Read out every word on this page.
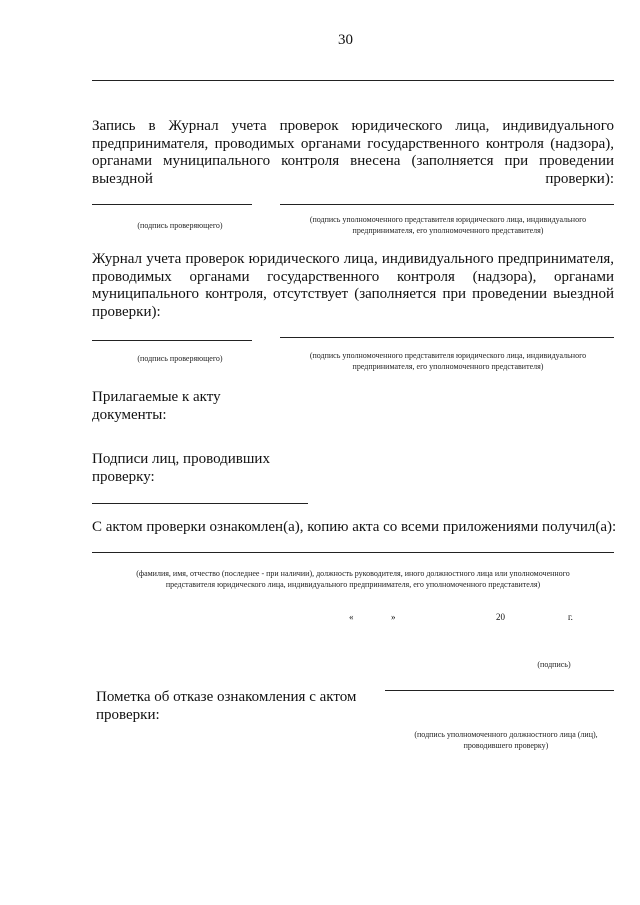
30
Запись в Журнал учета проверок юридического лица, индивидуального предпринимателя, проводимых органами государственного контроля (надзора), органами муниципального контроля внесена (заполняется при проведении выездной проверки):
(подпись проверяющего)
(подпись уполномоченного представителя юридического лица, индивидуального предпринимателя, его уполномоченного представителя)
Журнал учета проверок юридического лица, индивидуального предпринимателя, проводимых органами государственного контроля (надзора), органами муниципального контроля, отсутствует (заполняется при проведении выездной проверки):
(подпись проверяющего)	(подпись уполномоченного представителя юридического лица, индивидуального предпринимателя, его уполномоченного представителя)
Прилагаемые к акту документы:
Подписи лиц, проводивших проверку:
С актом проверки ознакомлен(а), копию акта со всеми приложениями получил(а):
(фамилия, имя, отчество (последнее - при наличии), должность руководителя, иного должностного лица или уполномоченного представителя юридического лица, индивидуального предпринимателя, его уполномоченного представителя)
«	»	20	г.
(подпись)
Пометка об отказе ознакомления с актом проверки:
(подпись уполномоченного должностного лица (лиц), проводившего проверку)
